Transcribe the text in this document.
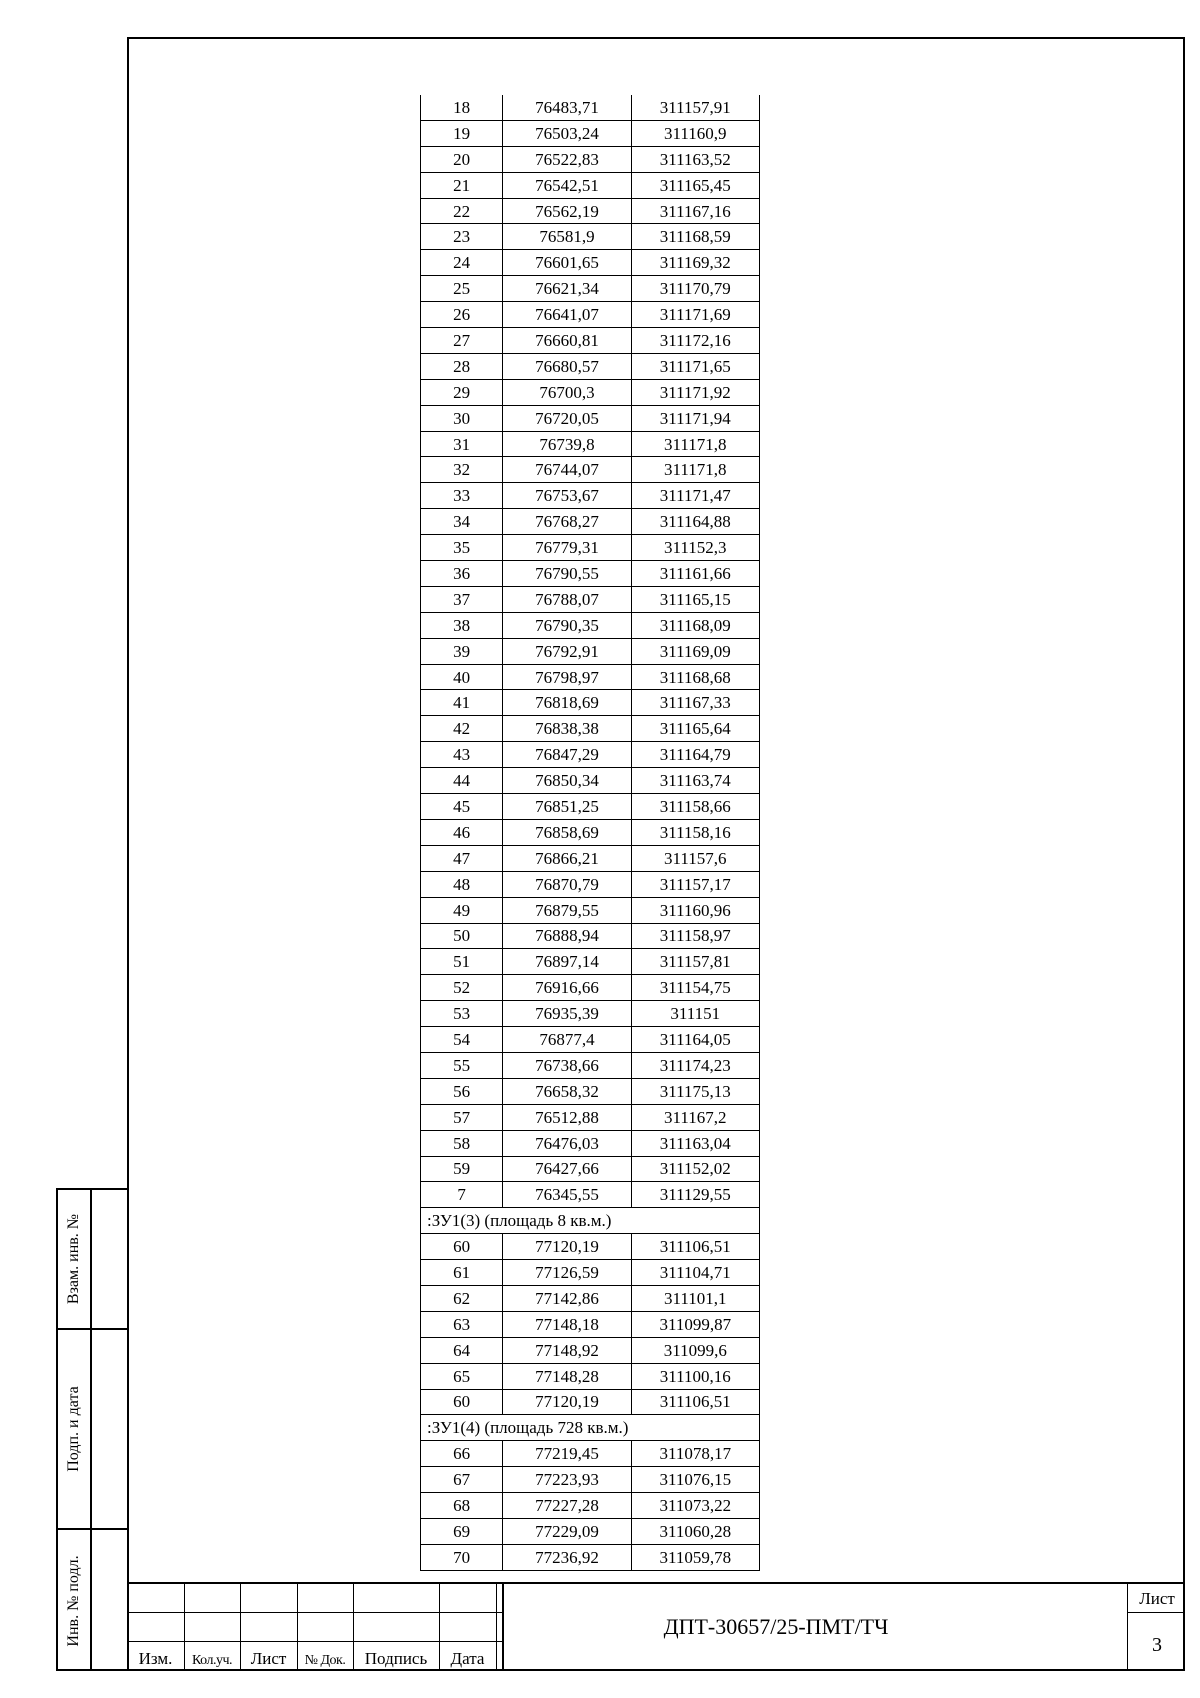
18	76483,71	311157,91
19	76503,24	311160,9
20	76522,83	311163,52
21	76542,51	311165,45
22	76562,19	311167,16
23	76581,9	311168,59
24	76601,65	311169,32
25	76621,34	311170,79
26	76641,07	311171,69
27	76660,81	311172,16
28	76680,57	311171,65
29	76700,3	311171,92
30	76720,05	311171,94
31	76739,8	311171,8
32	76744,07	311171,8
33	76753,67	311171,47
34	76768,27	311164,88
35	76779,31	311152,3
36	76790,55	311161,66
37	76788,07	311165,15
38	76790,35	311168,09
39	76792,91	311169,09
40	76798,97	311168,68
41	76818,69	311167,33
42	76838,38	311165,64
43	76847,29	311164,79
44	76850,34	311163,74
45	76851,25	311158,66
46	76858,69	311158,16
47	76866,21	311157,6
48	76870,79	311157,17
49	76879,55	311160,96
50	76888,94	311158,97
51	76897,14	311157,81
52	76916,66	311154,75
53	76935,39	311151
54	76877,4	311164,05
55	76738,66	311174,23
56	76658,32	311175,13
57	76512,88	311167,2
58	76476,03	311163,04
59	76427,66	311152,02
7	76345,55	311129,55
:ЗУ1(3) (площадь 8 кв.м.)		
60	77120,19	311106,51
61	77126,59	311104,71
62	77142,86	311101,1
63	77148,18	311099,87
64	77148,92	311099,6
65	77148,28	311100,16
60	77120,19	311106,51
:ЗУ1(4) (площадь 728 кв.м.)		
66	77219,45	311078,17
67	77223,93	311076,15
68	77227,28	311073,22
69	77229,09	311060,28
70	77236,92	311059,78
Взам. инв. №
Подп. и дата
Инв. № подл.
Изм.	Кол.уч.	Лист	№ Док.	Подпись	Дата
ДПТ-30657/25-ПМТ/ТЧ
Лист
3
